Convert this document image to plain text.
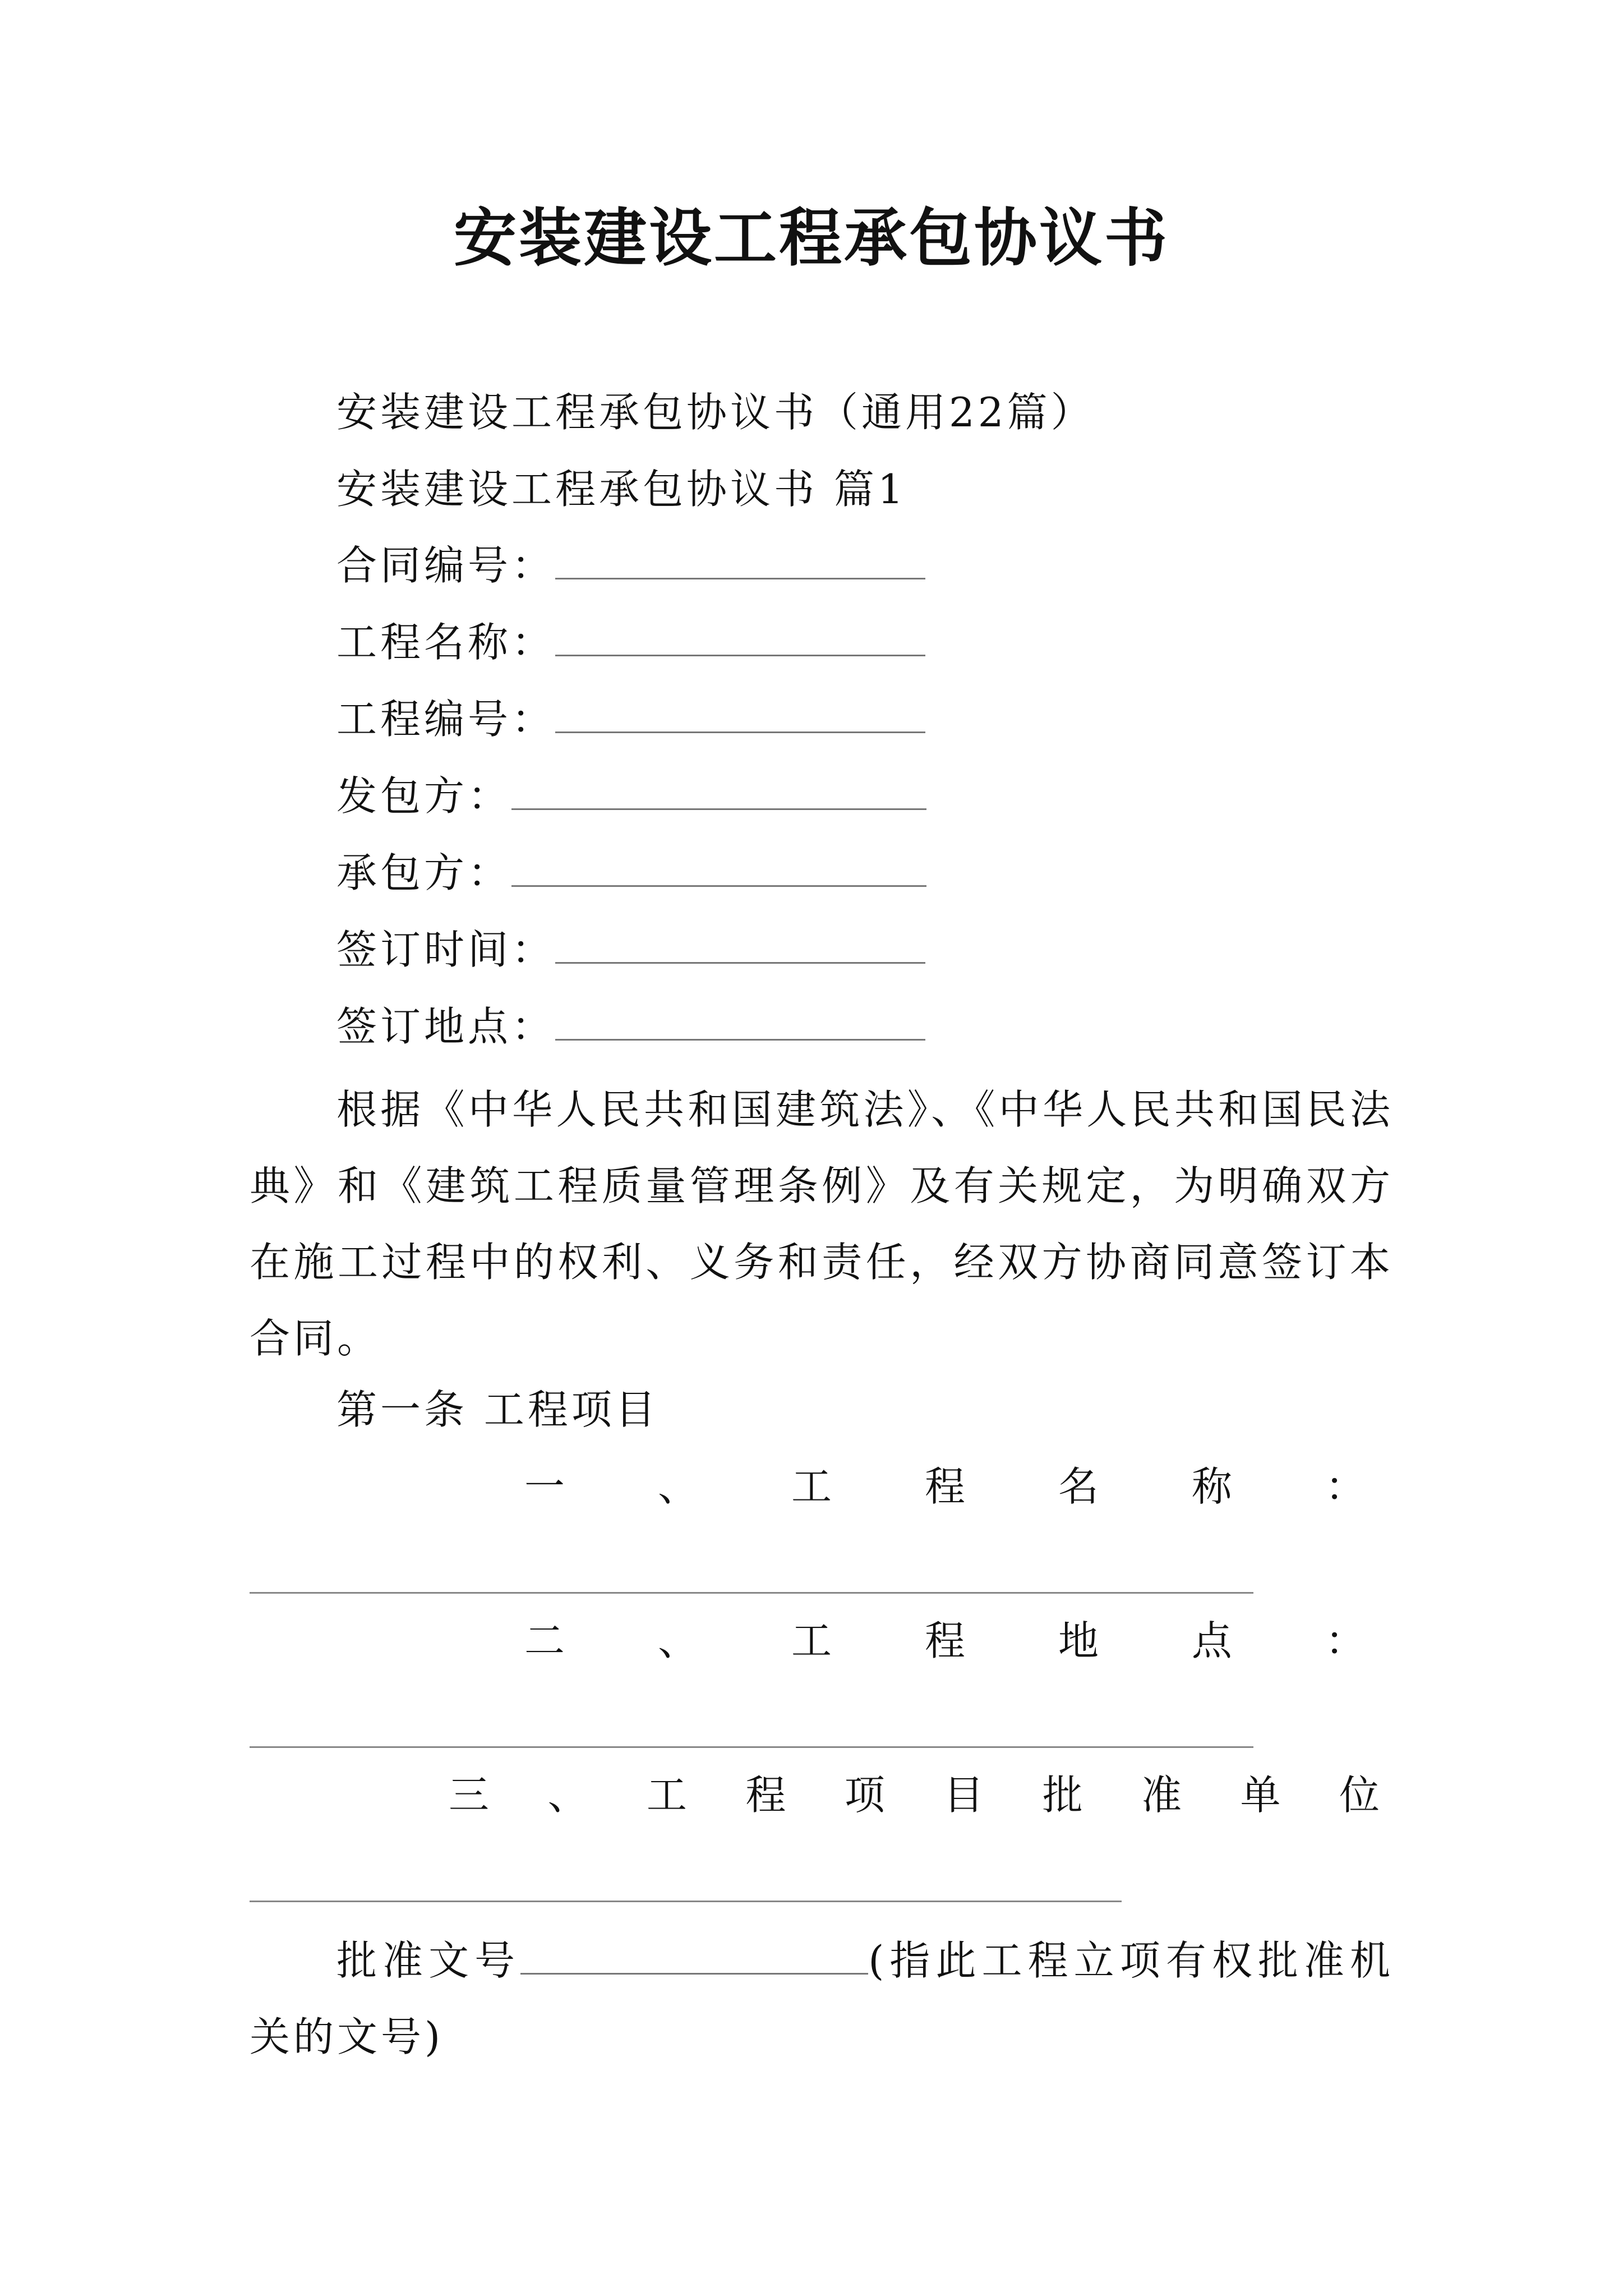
安装建设工程承包协议书
安装建设工程承包协议书（通用22篇）
安装建设工程承包协议书 篇1
合同编号：
工程名称：
工程编号：
发包方：
承包方：
签订时间：
签订地点：
根据《中华人民共和国建筑法》、《中华人民共和国民法典》和《建筑工程质量管理条例》及有关规定，为明确双方在施工过程中的权利、义务和责任，经双方协商同意签订本合同。
第一条 工程项目
一 、 工 程 名 称 ：
二 、 工 程 地 点 ：
三 、 工 程 项 目 批 准 单 位
批准文号	(指此工程立项有权批准机关的文号)
